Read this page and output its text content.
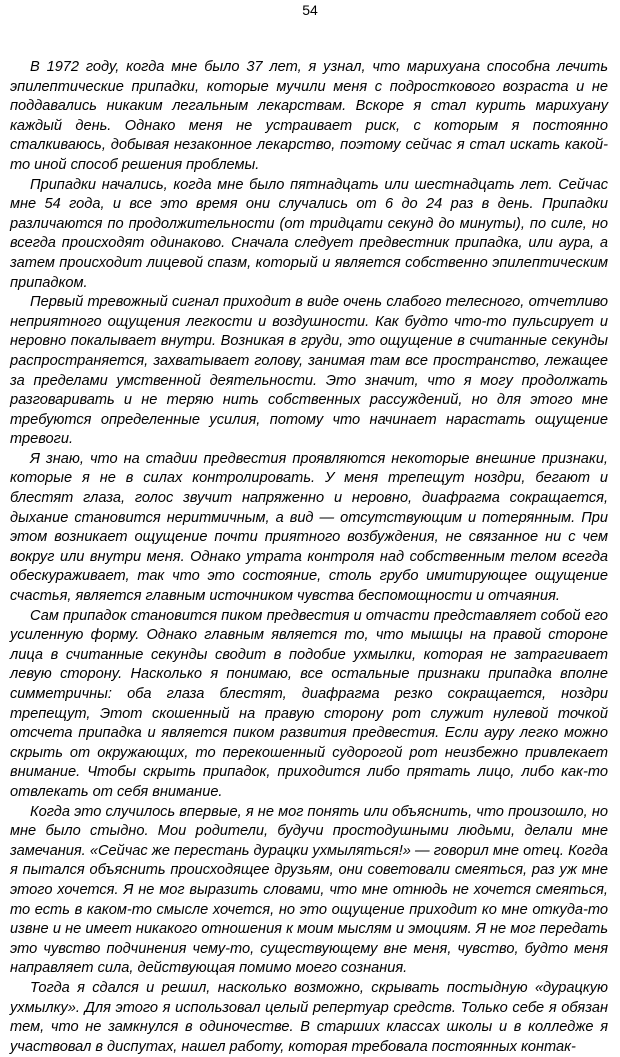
54

В 1972 году, когда мне было 37 лет, я узнал, что марихуана способна лечить эпилептические припадки, которые мучили меня с подросткового возраста и не поддавались никаким легальным лекарствам. Вскоре я стал курить марихуану каждый день. Однако меня не устраивает риск, с которым я постоянно сталкиваюсь, добывая незаконное лекарство, поэтому сейчас я стал искать какой-то иной способ решения проблемы.

Припадки начались, когда мне было пятнадцать или шестнадцать лет. Сейчас мне 54 года, и все это время они случались от 6 до 24 раз в день. Припадки различаются по продолжительности (от тридцати секунд до минуты), по силе, но всегда происходят одинаково. Сначала следует предвестник припадка, или аура, а затем происходит лицевой спазм, который и является собственно эпилептическим припадком.

Первый тревожный сигнал приходит в виде очень слабого телесного, отчетливо неприятного ощущения легкости и воздушности. Как будто что-то пульсирует и неровно покалывает внутри. Возникая в груди, это ощущение в считанные секунды распространяется, захватывает голову, занимая там все пространство, лежащее за пределами умственной деятельности. Это значит, что я могу продолжать разговаривать и не теряю нить собственных рассуждений, но для этого мне требуются определенные усилия, потому что начинает нарастать ощущение тревоги.

Я знаю, что на стадии предвестия проявляются некоторые внешние признаки, которые я не в силах контролировать. У меня трепещут ноздри, бегают и блестят глаза, голос звучит напряженно и неровно, диафрагма сокращается, дыхание становится неритмичным, а вид — отсутствующим и потерянным. При этом возникает ощущение почти приятного возбуждения, не связанное ни с чем вокруг или внутри меня. Однако утрата контроля над собственным телом всегда обескураживает, так что это состояние, столь грубо имитирующее ощущение счастья, является главным источником чувства беспомощности и отчаяния.

Сам припадок становится пиком предвестия и отчасти представляет собой его усиленную форму. Однако главным является то, что мышцы на правой стороне лица в считанные секунды сводит в подобие ухмылки, которая не затрагивает левую сторону. Насколько я понимаю, все остальные признаки припадка вполне симметричны: оба глаза блестят, диафрагма резко сокращается, ноздри трепещут, Этот скошенный на правую сторону рот служит нулевой точкой отсчета припадка и является пиком развития предвестия. Если ауру легко можно скрыть от окружающих, то перекошенный судорогой рот неизбежно привлекает внимание. Чтобы скрыть припадок, приходится либо прятать лицо, либо как-то отвлекать от себя внимание.

Когда это случилось впервые, я не мог понять или объяснить, что произошло, но мне было стыдно. Мои родители, будучи простодушными людьми, делали мне замечания. «Сейчас же перестань дурацки ухмыляться!» — говорил мне отец. Когда я пытался объяснить происходящее друзьям, они советовали смеяться, раз уж мне этого хочется. Я не мог выразить словами, что мне отнюдь не хочется смеяться, то есть в каком-то смысле хочется, но это ощущение приходит ко мне откуда-то извне и не имеет никакого отношения к моим мыслям и эмоциям. Я не мог передать это чувство подчинения чему-то, существующему вне меня, чувство, будто меня направляет сила, действующая помимо моего сознания.

Тогда я сдался и решил, насколько возможно, скрывать постыдную «дурацкую ухмылку». Для этого я использовал целый репертуар средств. Только себе я обязан тем, что не замкнулся в одиночестве. В старших классах школы и в колледже я участвовал в диспутах, нашел работу, которая требовала постоянных контак-
